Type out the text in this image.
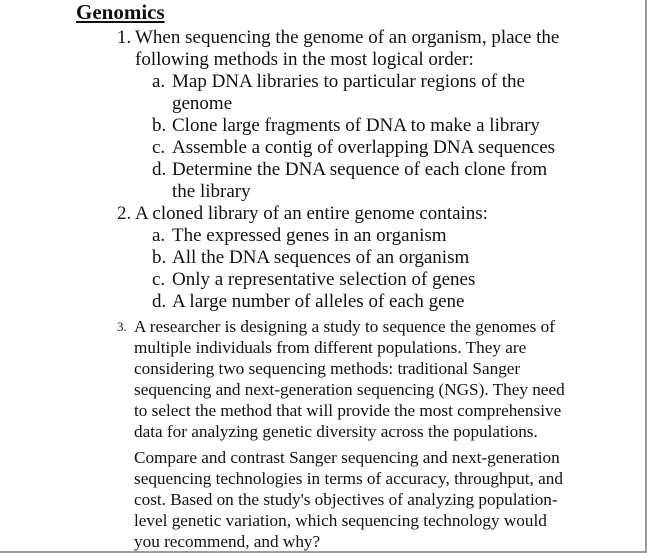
Genomics
1. When sequencing the genome of an organism, place the
following methods in the most logical order:
a. Map DNA libraries to particular regions of the
genome
b. Clone large fragments of DNA to make a library
c. Assemble a contig of overlapping DNA sequences
d. Determine the DNA sequence of each clone from
the library
2. A cloned library of an entire genome contains:
a. The expressed genes in an organism
b. All the DNA sequences of an organism
c. Only a representative selection of genes
d. A large number of alleles of each gene
3. A researcher is designing a study to sequence the genomes of
multiple individuals from different populations. They are
considering two sequencing methods: traditional Sanger
sequencing and next-generation sequencing (NGS). They need
to select the method that will provide the most comprehensive
data for analyzing genetic diversity across the populations.
Compare and contrast Sanger sequencing and next-generation
sequencing technologies in terms of accuracy, throughput, and
cost. Based on the study's objectives of analyzing population-
level genetic variation, which sequencing technology would
you recommend, and why?
